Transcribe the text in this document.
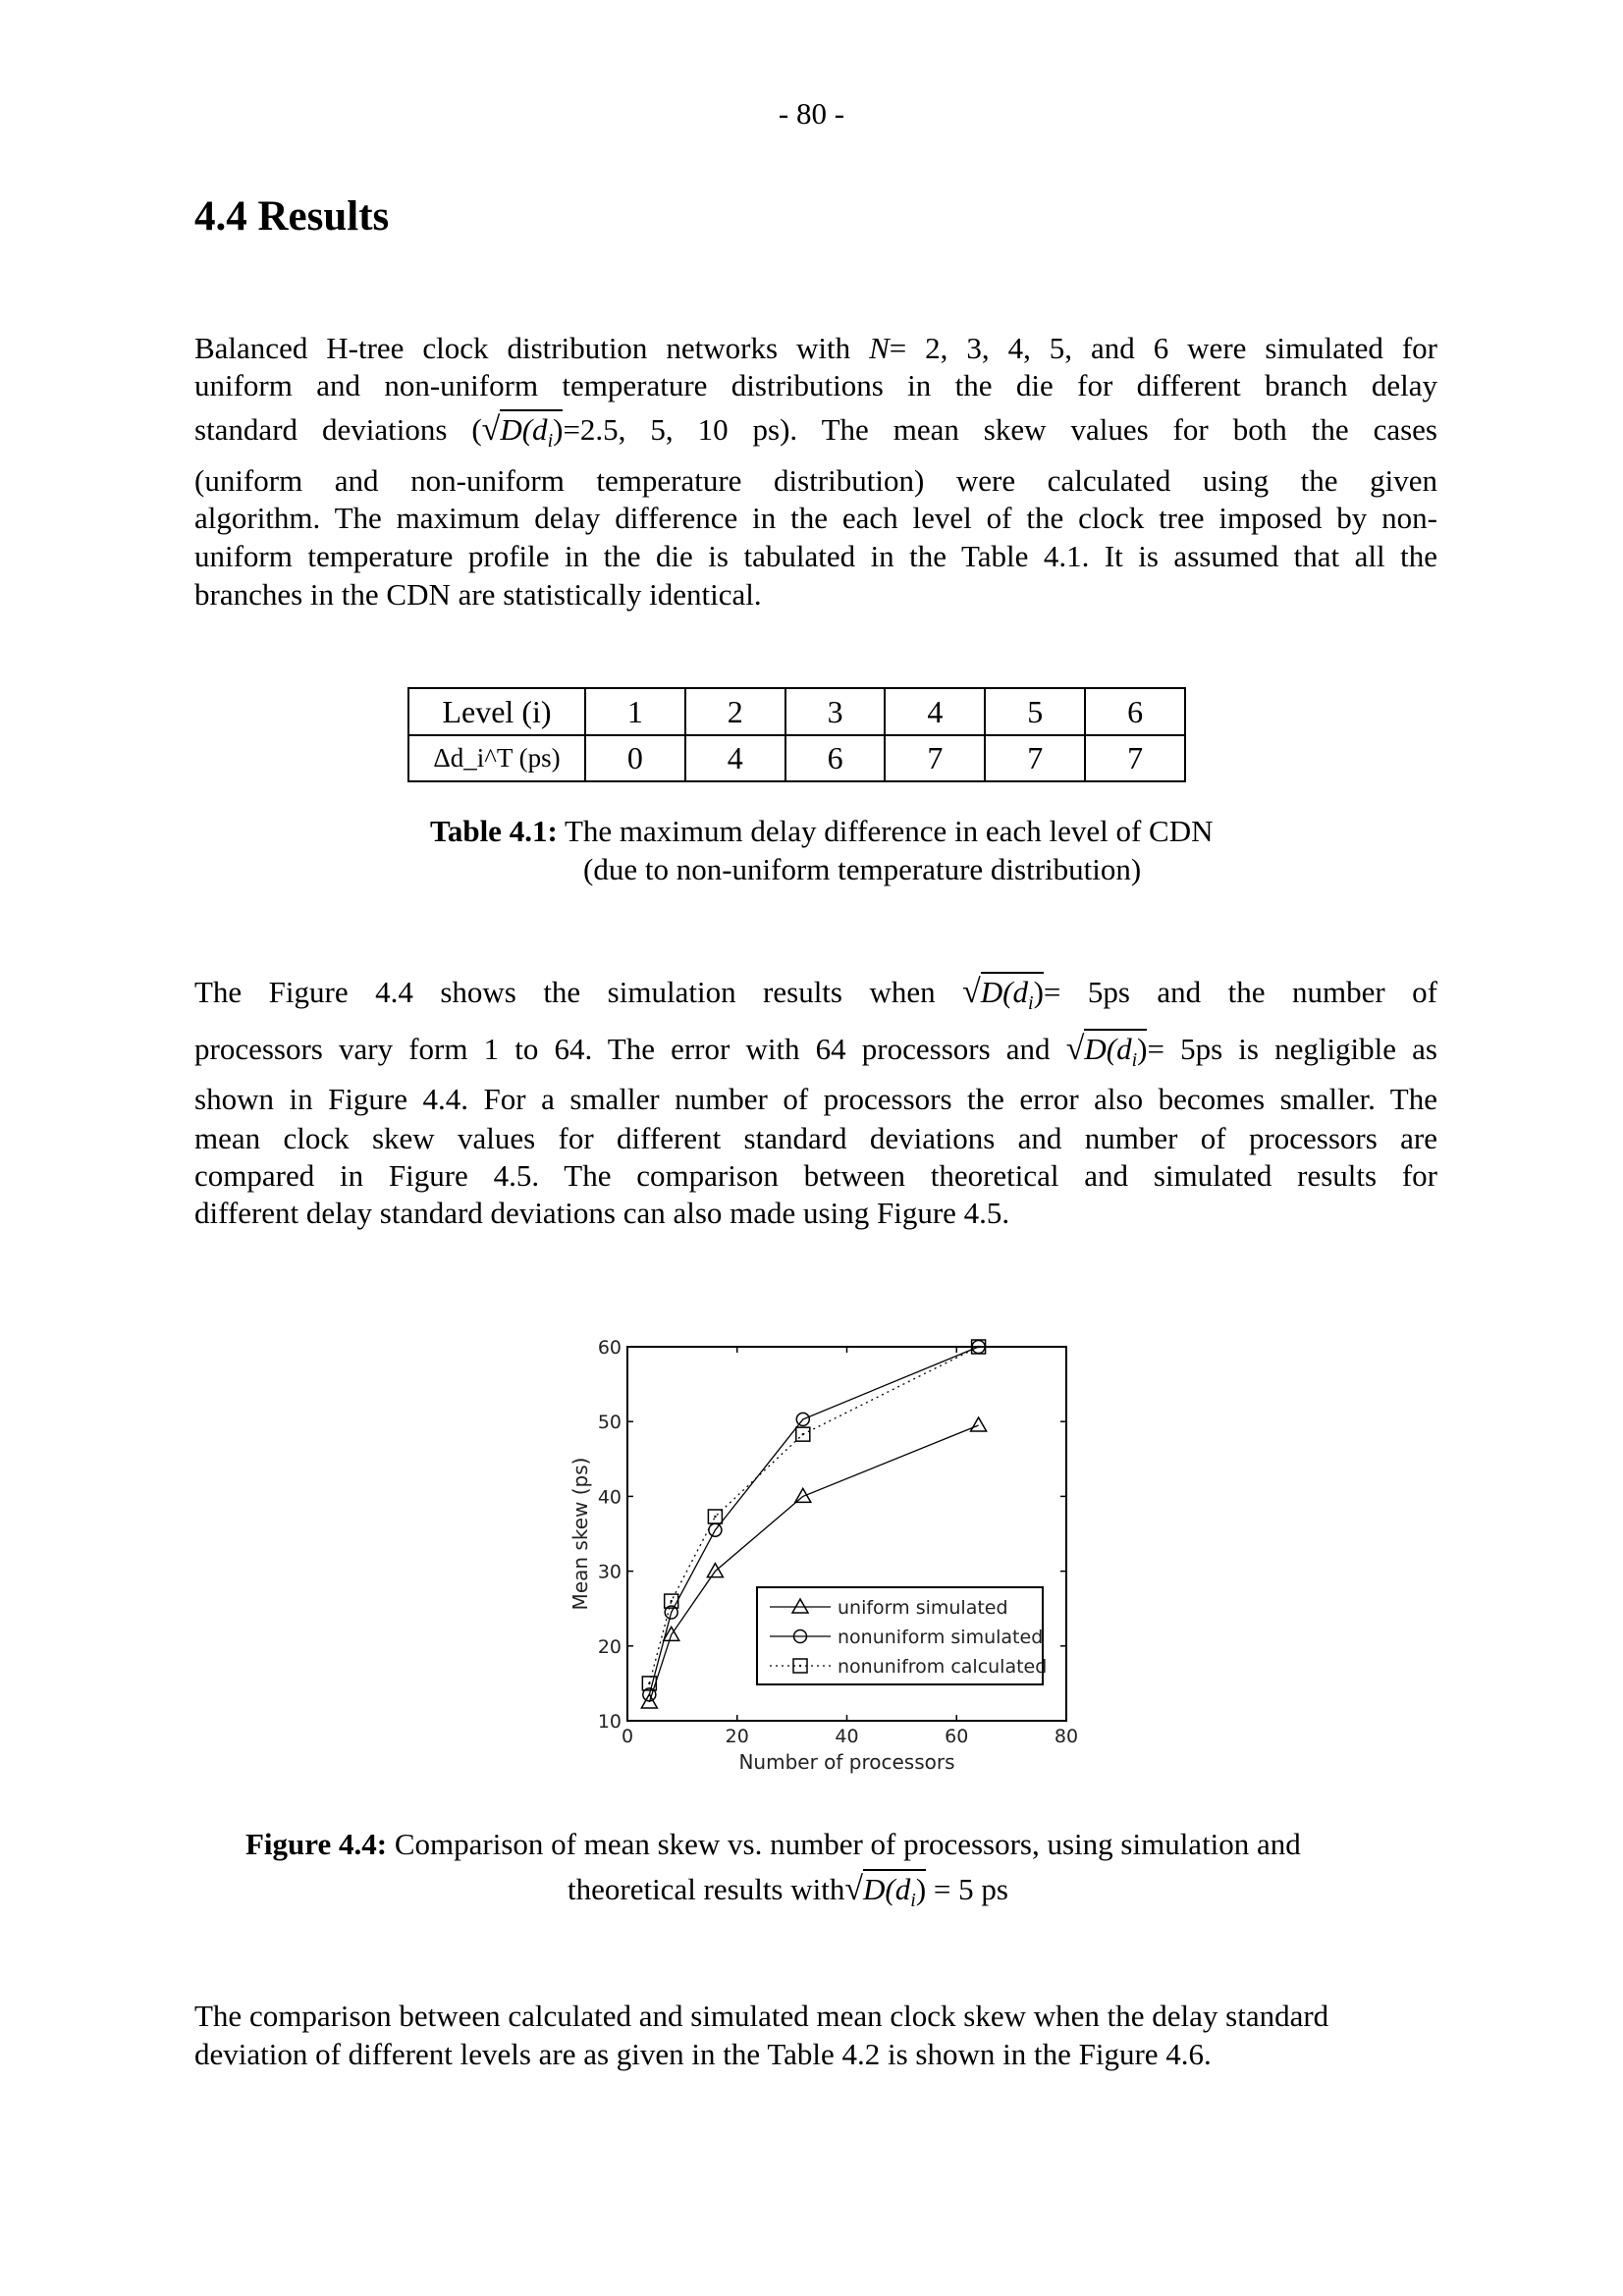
- 80 -
4.4 Results
Balanced H-tree clock distribution networks with N= 2, 3, 4, 5, and 6 were simulated for
uniform and non-uniform temperature distributions in the die for different branch delay
standard deviations ($√D(d_i)=2.5$, 5, 10 ps). The mean skew values for both the cases
(uniform and non-uniform temperature distribution) were calculated using the given
algorithm. The maximum delay difference in the each level of the clock tree imposed by non-
uniform temperature profile in the die is tabulated in the Table 4.1. It is assumed that all the
branches in the CDN are statistically identical.
Level (i)	1	2	3	4	5	6
Δd_i^T (ps)	0	4	6	7	7	7
Table 4.1: The maximum delay difference in each level of CDN
(due to non-uniform temperature distribution)
The Figure 4.4 shows the simulation results when $√D(d_i)= 5ps$ and the number of
processors vary form 1 to 64. The error with 64 processors and $√D(d_i)= 5ps$ is negligible as
shown in Figure 4.4. For a smaller number of processors the error also becomes smaller. The
mean clock skew values for different standard deviations and number of processors are
compared in Figure 4.5. The comparison between theoretical and simulated results for
different delay standard deviations can also made using Figure 4.5.
0	20	40	60	80
10
20
30
40
50
60
Number of processors
Mean skew (ps)	uniform simulated
nonuniform simulated
nonunifrom calculated
Figure 4.4: Comparison of mean skew vs. number of processors, using simulation and
theoretical results $with√D(d_i) = 5$ ps
The comparison between calculated and simulated mean clock skew when the delay standard
deviation of different levels are as given in the Table 4.2 is shown in the Figure 4.6.
